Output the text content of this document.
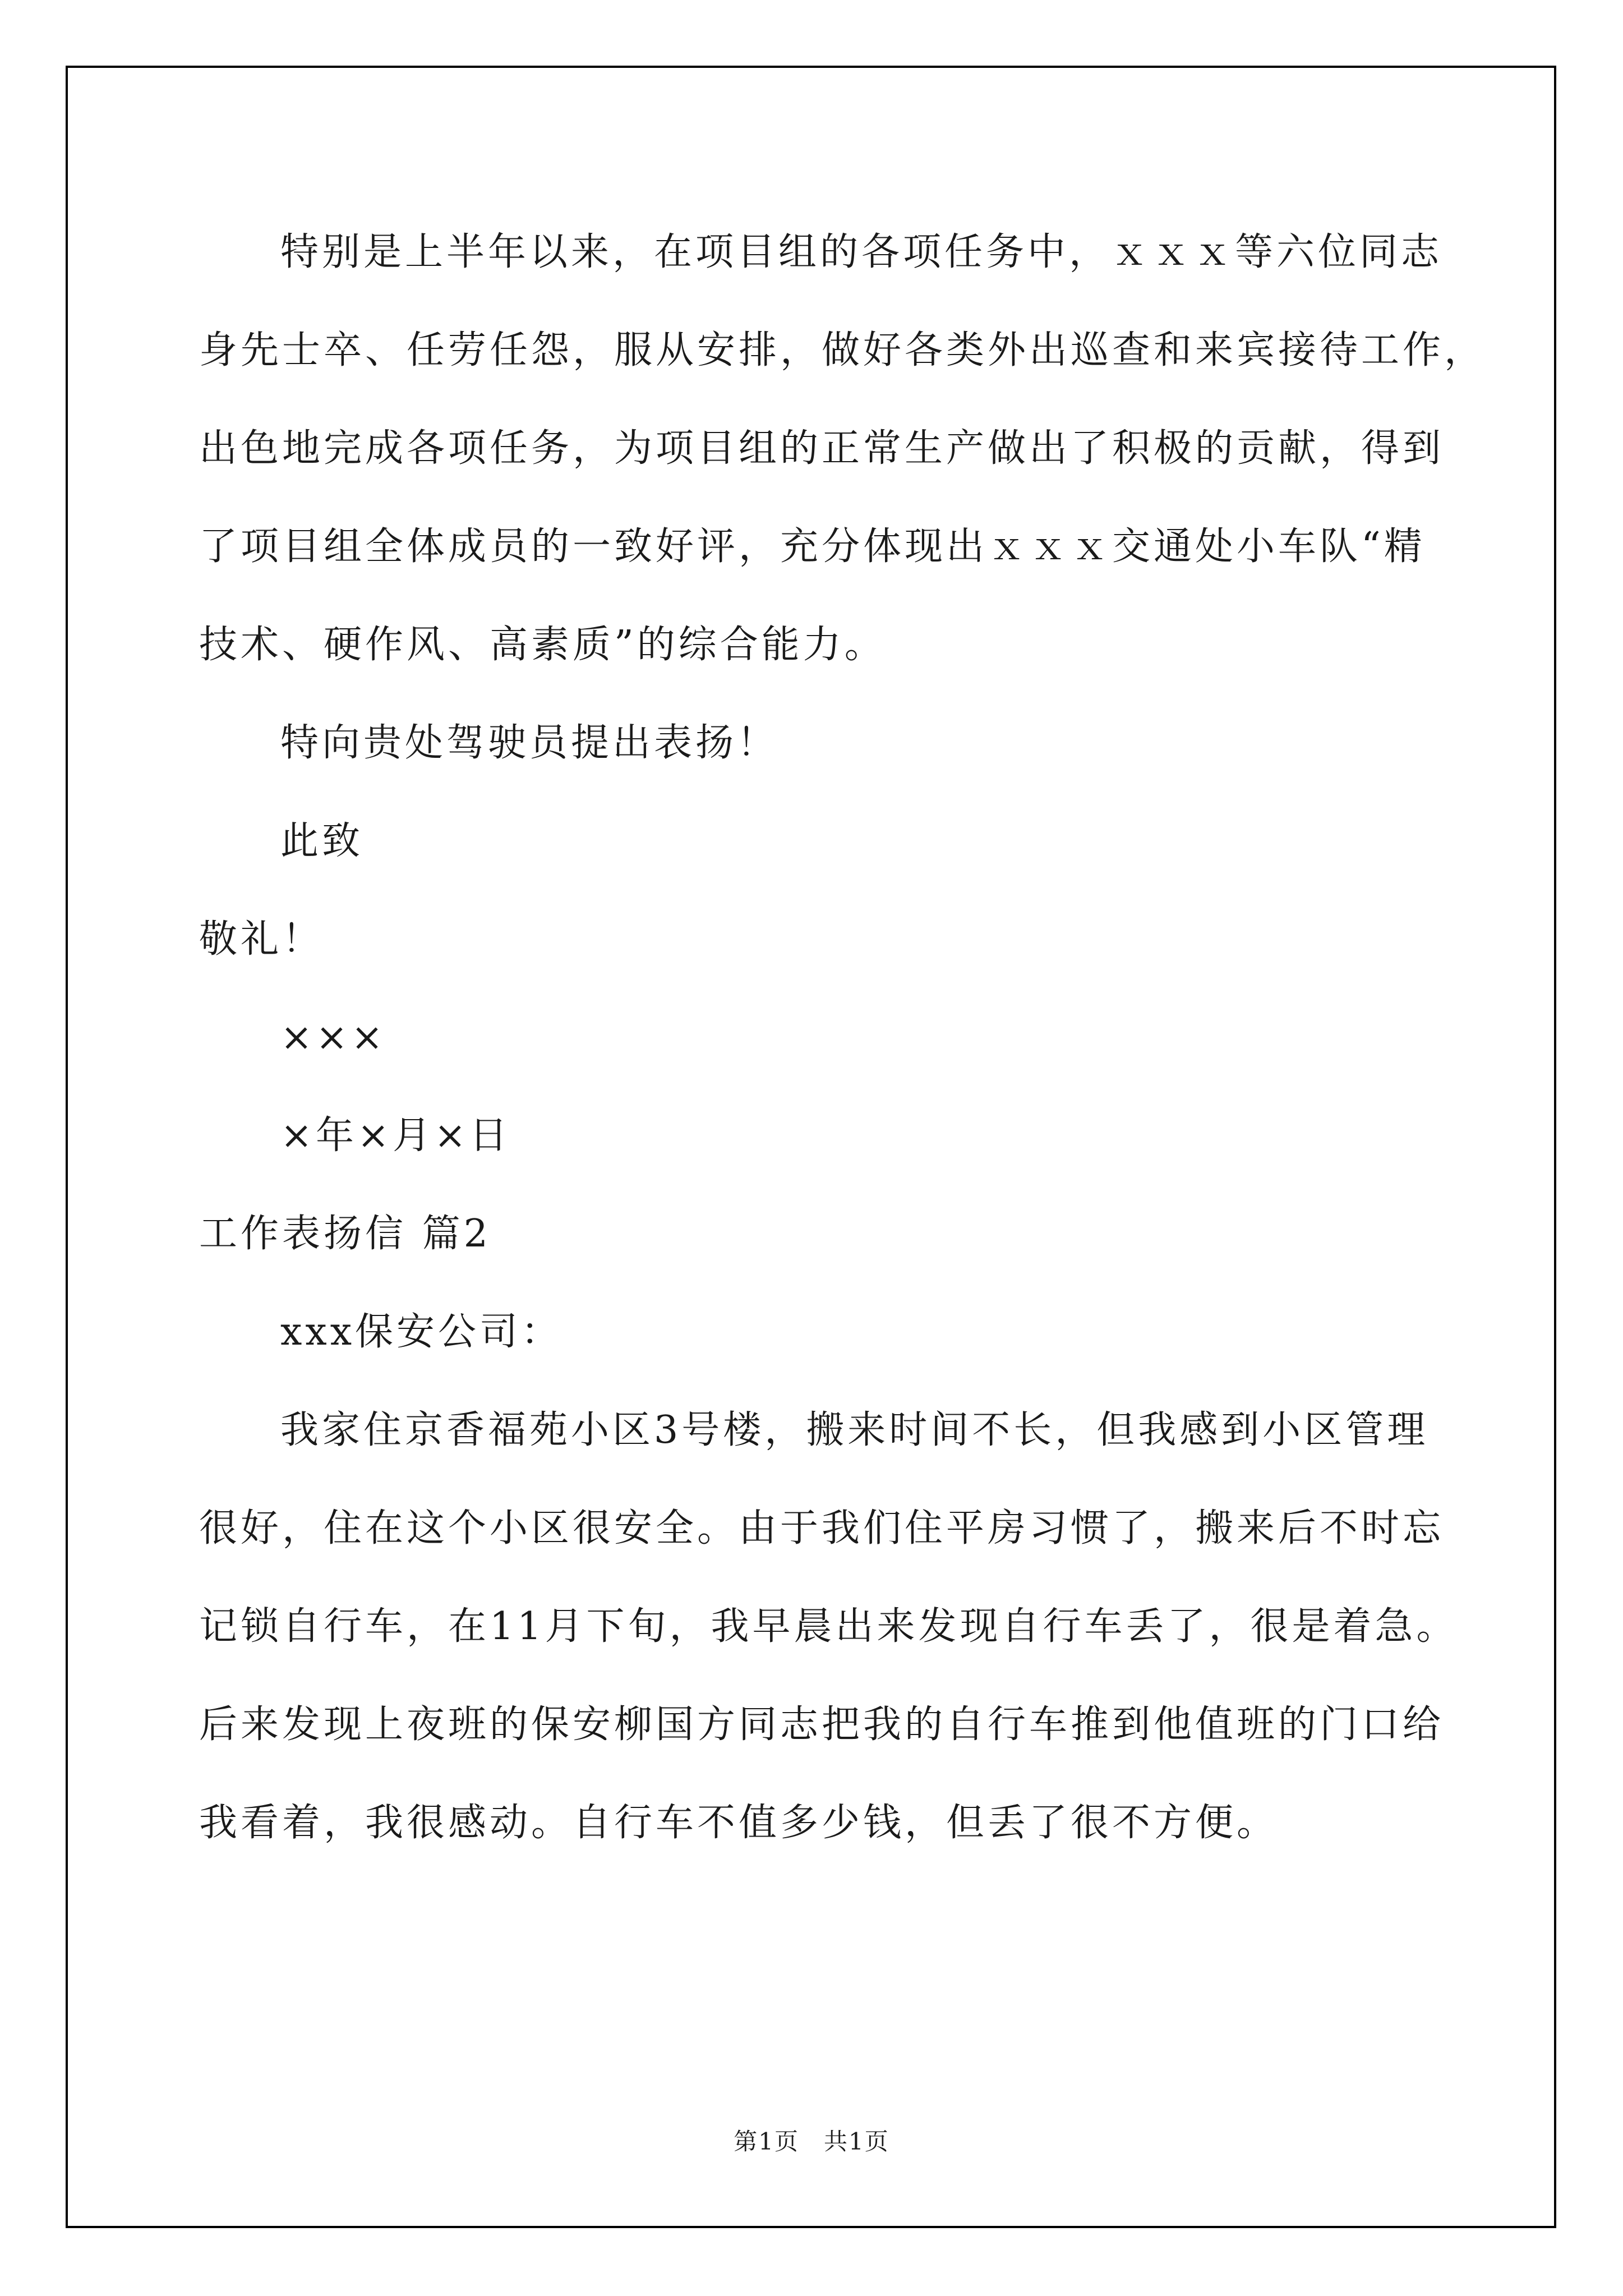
特别是上半年以来，在项目组的各项任务中，ｘｘｘ等六位同志
身先士卒、任劳任怨，服从安排，做好各类外出巡查和来宾接待工作，
出色地完成各项任务，为项目组的正常生产做出了积极的贡献，得到
了项目组全体成员的一致好评，充分体现出ｘｘｘ交通处小车队“精
技术、硬作风、高素质”的综合能力。
特向贵处驾驶员提出表扬！
此致
敬礼！
×××
×年×月×日
工作表扬信 篇2
xxx保安公司：
我家住京香福苑小区3号楼，搬来时间不长，但我感到小区管理
很好，住在这个小区很安全。由于我们住平房习惯了，搬来后不时忘
记锁自行车，在11月下旬，我早晨出来发现自行车丢了，很是着急。
后来发现上夜班的保安柳国方同志把我的自行车推到他值班的门口给
我看着，我很感动。自行车不值多少钱，但丢了很不方便。
第1页　共1页
